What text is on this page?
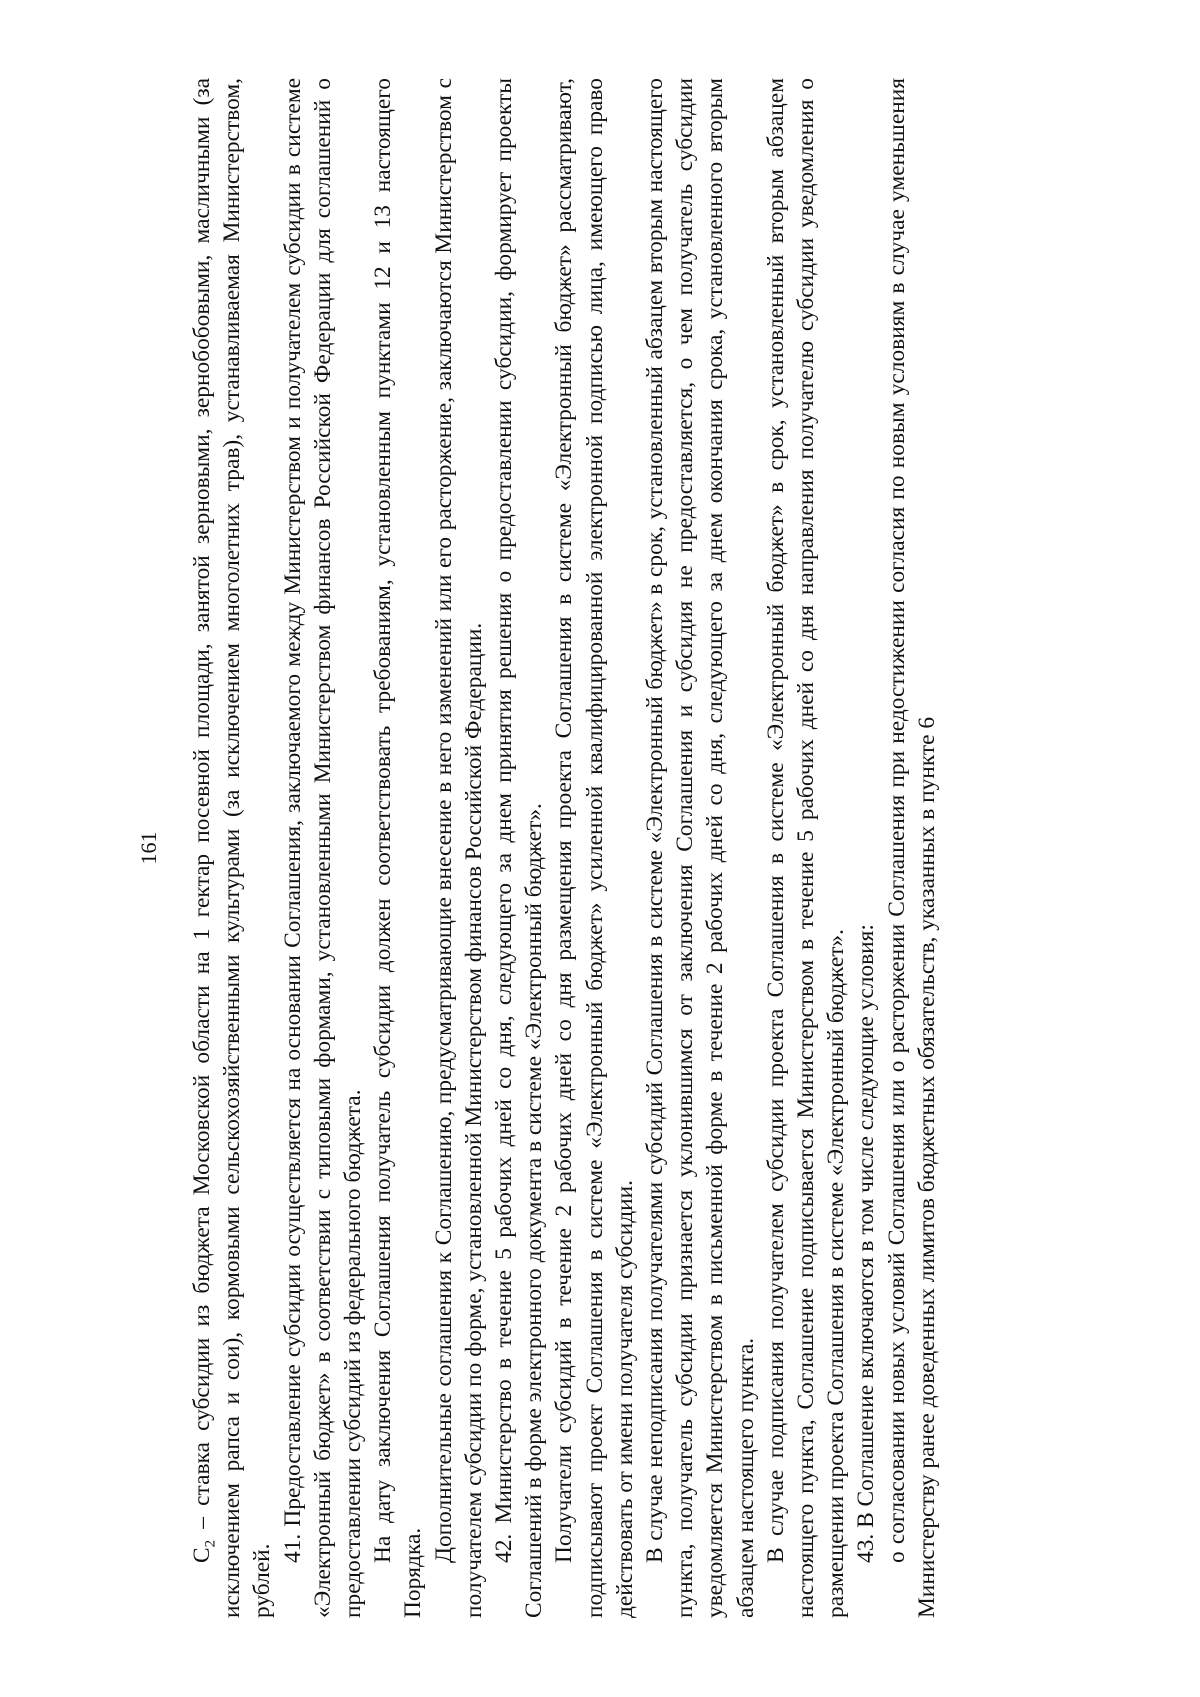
161

$C_2$ – ставка субсидии из бюджета Московской области на 1 гектар посевной площади, занятой зерновыми, зернобобовыми, масличными (за исключением рапса и сои), кормовыми сельскохозяйственными культурами (за исключением многолетних трав), устанавливаемая Министерством, рублей.

41. Предоставление субсидии осуществляется на основании Соглашения, заключаемого между Министерством и получателем субсидии в системе «Электронный бюджет» в соответствии с типовыми формами, установленными Министерством финансов Российской Федерации для соглашений о предоставлении субсидий из федерального бюджета. На дату заключения Соглашения получатель субсидии должен соответствовать требованиям, установленным пунктами 12 и 13 настоящего Порядка.

Дополнительные соглашения к Соглашению, предусматривающие внесение в него изменений или его расторжение, заключаются Министерством с получателем субсидии по форме, установленной Министерством финансов Российской Федерации. 42. Министерство в течение 5 рабочих дней со дня, следующего за днем принятия решения о предоставлении субсидии, формирует проекты Соглашений в форме электронного документа в системе «Электронный бюджет». Получатели субсидий в течение 2 рабочих дней со дня размещения проекта Соглашения в системе «Электронный бюджет» рассматривают, подписывают проект Соглашения в системе «Электронный бюджет» усиленной квалифицированной электронной подписью лица, имеющего право действовать от имени получателя субсидии. В случае неподписания получателями субсидий Соглашения в системе «Электронный бюджет» в срок, установленный абзацем вторым настоящего пункта, получатель субсидии признается уклонившимся от заключения Соглашения и субсидия не предоставляется, о чем получатель субсидии уведомляется Министерством в письменной форме в течение 2 рабочих дней со дня, следующего за днем окончания срока, установленного вторым абзацем настоящего пункта. В случае подписания получателем субсидии проекта Соглашения в системе «Электронный бюджет» в срок, установленный вторым абзацем настоящего пункта, Соглашение подписывается Министерством в течение 5 рабочих дней со дня направления получателю субсидии уведомления о размещении проекта Соглашения в системе «Электронный бюджет». 43. В Соглашение включаются в том числе следующие условия: о согласовании новых условий Соглашения или о расторжении Соглашения при недостижении согласия по новым условиям в случае уменьшения Министерству ранее доведенных лимитов бюджетных обязательств, указанных в пункте 6
